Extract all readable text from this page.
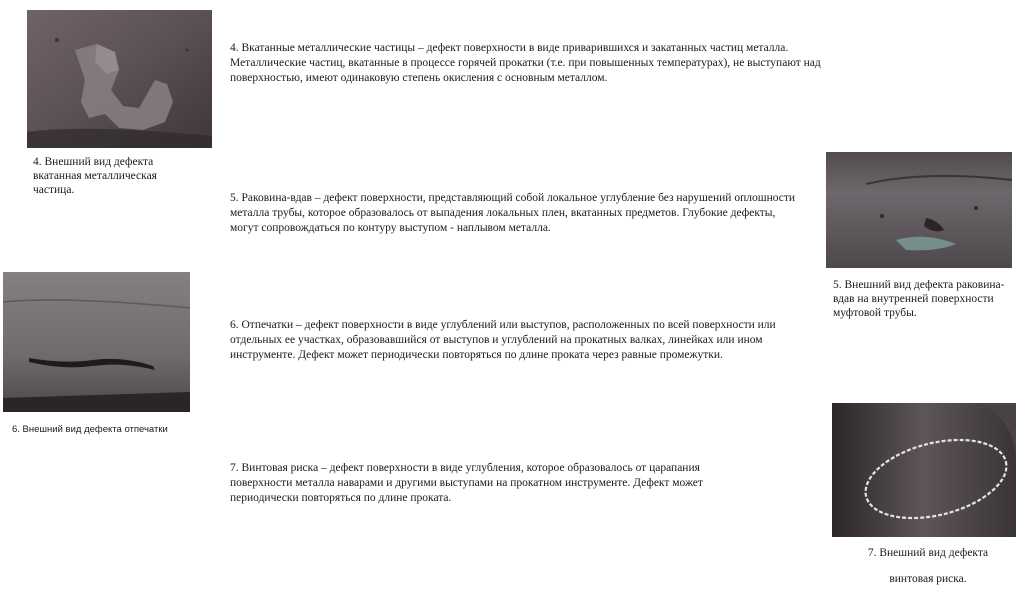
4. Внешний вид дефекта вкатанная металлическая частица.

4. Вкатанные металлические частицы – дефект поверхности в виде приварившихся и закатанных частиц металла. Металлические частиц, вкатанные в процессе горячей прокатки (т.е. при повышенных температурах), не выступают над поверхностью, имеют одинаковую степень окисления с основным металлом.

5. Внешний вид дефекта раковина-вдав на внутренней поверхности муфтовой трубы.

5. Раковина-вдав – дефект поверхности, представляющий собой локальное углубление без нарушений оплошности металла трубы, которое образовалось от выпадения локальных плен, вкатанных предметов. Глубокие дефекты, могут сопровождаться по контуру выступом - наплывом металла.

6. Внешний вид дефекта отпечатки

6. Отпечатки – дефект поверхности в виде углублений или выступов, расположенных по всей поверхности или отдельных ее участках, образовавшийся от выступов и углублений на прокатных валках, линейках или ином инструменте. Дефект может периодически повторяться по длине проката через равные промежутки.

7. Внешний вид дефекта винтовая риска.

7. Винтовая риска – дефект поверхности в виде углубления, которое образовалось от царапания поверхности металла наварами и другими выступами на прокатном инструменте. Дефект может периодически повторяться по длине проката.
